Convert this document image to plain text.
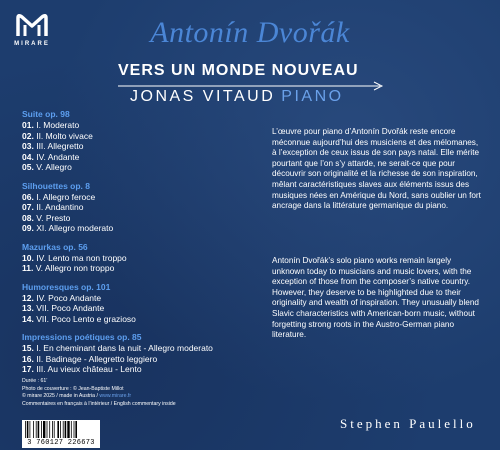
MIRARE	Antonín Dvořák
VERS UN MONDE NOUVEAU
JONAS VITAUD PIANO
Suite op. 98
01. I. Moderato
02. II. Molto vivace
03. III. Allegretto
04. IV. Andante
05. V. Allegro
Silhouettes op. 8
06. I. Allegro feroce
07. II. Andantino
08. V. Presto
09. XI. Allegro moderato
Mazurkas op. 56
10. IV. Lento ma non troppo
11. V. Allegro non troppo
Humoresques op. 101
12. IV. Poco Andante
13. VII. Poco Andante
14. VII. Poco Lento e grazioso
Impressions poétiques op. 85
15. I. En cheminant dans la nuit - Allegro moderato
16. II. Badinage - Allegretto leggiero
17. III. Au vieux château - Lento
L’œuvre pour piano d’Antonín Dvořák reste encore méconnue aujourd’hui des musiciens et des mélomanes, à l’exception de ceux issus de son pays natal. Elle mérite pourtant que l’on s’y attarde, ne serait-ce que pour découvrir son originalité et la richesse de son inspiration, mêlant caractéristiques slaves aux éléments issus des musiques nées en Amérique du Nord, sans oublier un fort ancrage dans la littérature germanique du piano.
Antonín Dvořák’s solo piano works remain largely unknown today to musicians and music lovers, with the exception of those from the composer’s native country. However, they deserve to be highlighted due to their originality and wealth of inspiration. They unusually blend Slavic characteristics with American-born music, without forgetting strong roots in the Austro-German piano literature.
Durée : 61’
Photo de couverture : © Jean-Baptiste Millot
© mirare 2025 / made in Austria / www.mirare.fr
Commentaires en français à l’intérieur / English commentary inside
3 760127 226673
Stephen Paulello
